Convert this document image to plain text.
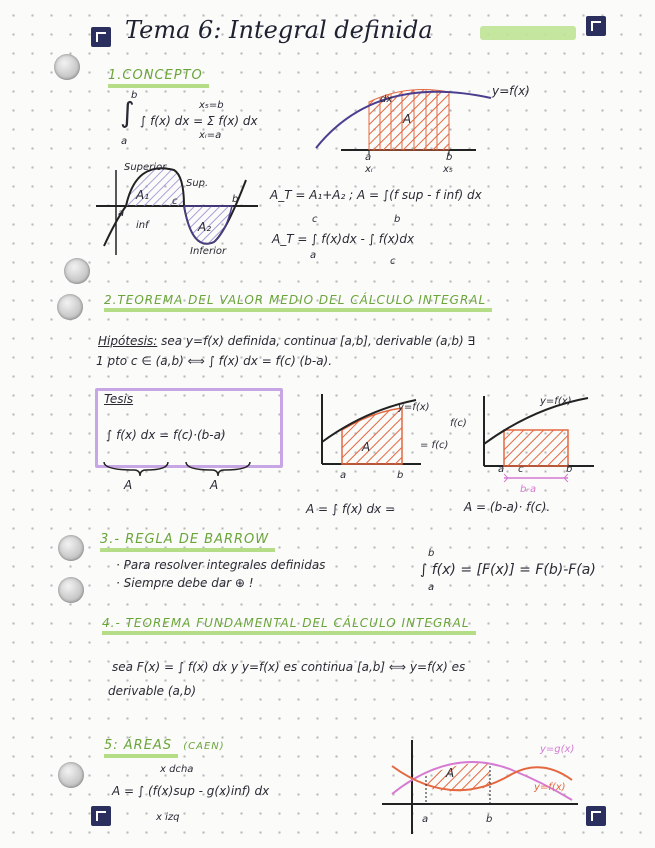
Tema 6: Integral definida
1.CONCEPTO
∫
b
a
∫ f(x) dx = Σ f(x) dx
x₅=b
xᵢ=a
y=f(x)
dx
A
a
xᵢ
b
x₅
Superior
Sup.
A₁
A₂
a
c	b
inf
Inferior
A_T = A₁+A₂ ; A = ∫(f sup - f inf) dx
A_T = ∫ f(x)dx - ∫ f(x)dx
c
a
b
c
2.TEOREMA DEL VALOR MEDIO DEL CÁLCULO INTEGRAL
Hipótesis: sea y=f(x) definida, continua [a,b], derivable (a,b) ∃
1 pto c ∈ (a,b) ⟺ ∫ f(x) dx = f(c) (b-a).
Tesis
∫ f(x) dx = f(c)·(b-a)
A	A
y=f(x)
A
a	b
A = ∫ f(x) dx =
y=f(x)
f(c)
= f(c)
a c	b
b-a
A = (b-a)· f(c).
3.- REGLA DE BARROW
· Para resolver integrales definidas
· Siempre debe dar ⊕ !
∫ f(x) = [F(x)] = F(b)-F(a)
b
a
4.- TEOREMA FUNDAMENTAL DEL CÁLCULO INTEGRAL
sea F(x) = ∫ f(x) dx y y=f(x) es continua [a,b] ⟺ y=f(x) es
derivable (a,b)
5: ÁREAS (CAEN)
A = ∫ (f(x)sup - g(x)inf) dx
x dcha
x izq
y=g(x)
y=f(x)
A
a	b
